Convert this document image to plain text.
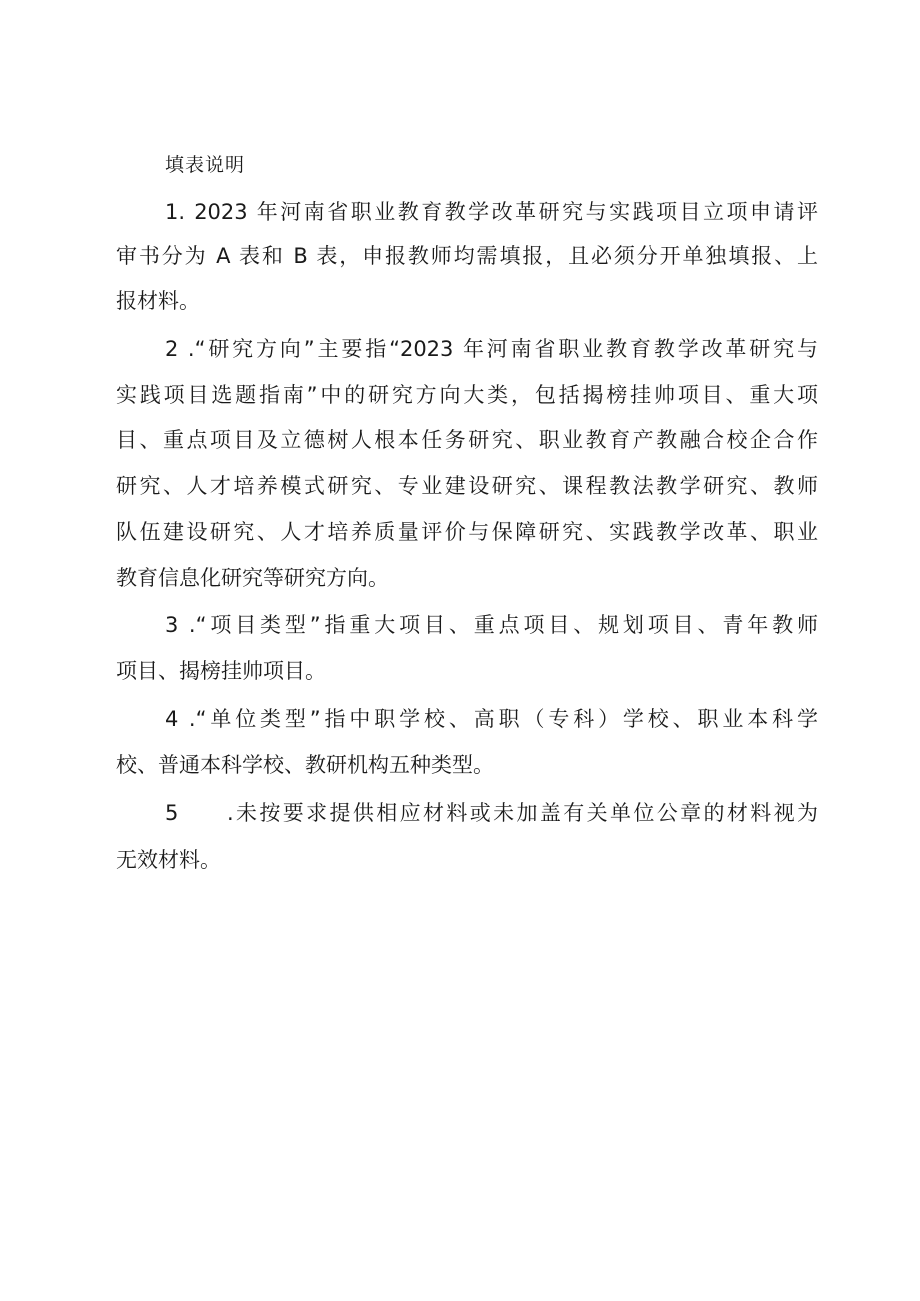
填表说明
1. 2023 年河南省职业教育教学改革研究与实践项目立项申请评
审书分为 A 表和 B 表，申报教师均需填报，且必须分开单独填报、上
报材料。
2 .“研究方向”主要指“2023 年河南省职业教育教学改革研究与
实践项目选题指南”中的研究方向大类，包括揭榜挂帅项目、重大项
目、重点项目及立德树人根本任务研究、职业教育产教融合校企合作
研究、人才培养模式研究、专业建设研究、课程教法教学研究、教师
队伍建设研究、人才培养质量评价与保障研究、实践教学改革、职业
教育信息化研究等研究方向。
3 .“项目类型”指重大项目、重点项目、规划项目、青年教师
项目、揭榜挂帅项目。
4 .“单位类型”指中职学校、高职（专科）学校、职业本科学
校、普通本科学校、教研机构五种类型。
5	.未按要求提供相应材料或未加盖有关单位公章的材料视为
无效材料。
